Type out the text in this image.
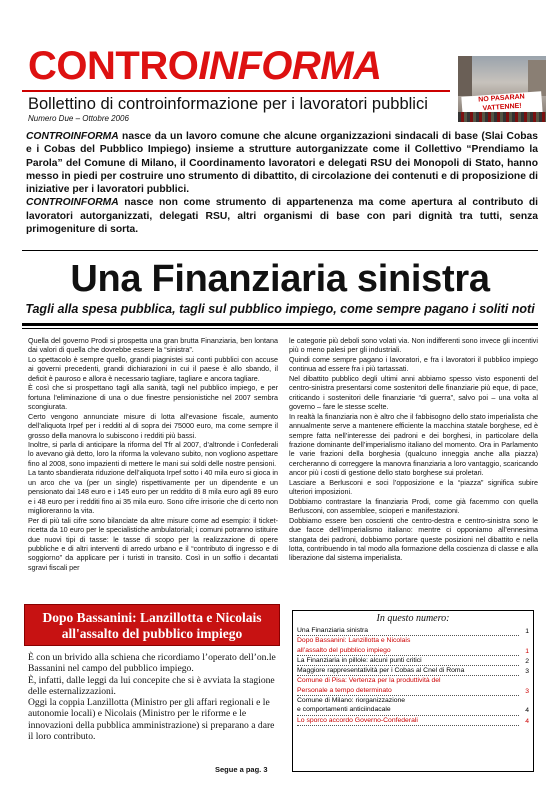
CONTROINFORMA
Bollettino di controinformazione per i lavoratori pubblici
Numero Due – Ottobre 2006
NO PASARAN VATTENNE!

CONTROINFORMA nasce da un lavoro comune che alcune organizzazioni sindacali di base (Slai Cobas e i Cobas del Pubblico Impiego) insieme a strutture autorganizzate come il Collettivo “Prendiamo la Parola” del Comune di Milano, il Coordinamento lavoratori e delegati RSU dei Monopoli di Stato, hanno messo in piedi per costruire uno strumento di dibattito, di circolazione dei contenuti e di proposizione di iniziative per i lavoratori pubblici.

CONTROINFORMA nasce non come strumento di appartenenza ma come apertura al contributo di lavoratori autorganizzati, delegati RSU, altri organismi di base con pari dignità tra tutti, senza primogeniture di sorta.

Una Finanziaria sinistra
Tagli alla spesa pubblica, tagli sul pubblico impiego, come sempre pagano i soliti noti

Quella del governo Prodi si prospetta una gran brutta Finanziaria, ben lontana dai valori di quella che dovrebbe essere la “sinistra”.

Lo spettacolo è sempre quello, grandi piagnistei sui conti pubblici con accuse ai governi precedenti, grandi dichiarazioni in cui il paese è allo sbando, il deficit è pauroso e allora è necessario tagliare, tagliare e ancora tagliare.

È così che si prospettano tagli alla sanità, tagli nel pubblico impiego, e per fortuna l’eliminazione di una o due finestre pensionistiche nel 2007 sembra scongiurata.

Certo vengono annunciate misure di lotta all’evasione fiscale, aumento dell’aliquota Irpef per i redditi al di sopra dei 75000 euro, ma come sempre il grosso della manovra lo subiscono i redditi più bassi.

Inoltre, si parla di anticipare la riforma del Tfr al 2007, d’altronde i Confederali lo avevano già detto, loro la riforma la volevano subito, non vogliono aspettare fino al 2008, sono impazienti di mettere le mani sui soldi delle nostre pensioni.

La tanto sbandierata riduzione dell’aliquota Irpef sotto i 40 mila euro si gioca in un arco che va (per un single) rispettivamente per un dipendente e un pensionato dai 148 euro e i 145 euro per un reddito di 8 mila euro agli 89 euro e i 48 euro per i redditi fino ai 35 mila euro. Sono cifre irrisorie che di certo non miglioreranno la vita.

Per di più tali cifre sono bilanciate da altre misure come ad esempio: il ticket-ricetta da 10 euro per le specialistiche ambulatoriali; i comuni potranno istituire due nuovi tipi di tasse: le tasse di scopo per la realizzazione di opere pubbliche e di altri interventi di arredo urbano e il “contributo di ingresso e di soggiorno” da applicare per i turisti in transito. Così in un soffio i decantati sgravi fiscali per

le categorie più deboli sono volati via. Non indifferenti sono invece gli incentivi più o meno palesi per gli industriali.

Quindi come sempre pagano i lavoratori, e fra i lavoratori il pubblico impiego continua ad essere fra i più tartassati.

Nel dibattito pubblico degli ultimi anni abbiamo spesso visto esponenti del centro-sinistra presentarsi come sostenitori delle finanziarie più eque, di pace, criticando i sostenitori delle finanziarie “di guerra”, salvo poi – una volta al governo – fare le stesse scelte.

In realtà la finanziaria non è altro che il fabbisogno dello stato imperialista che annualmente serve a mantenere efficiente la macchina statale borghese, ed è sempre fatta nell’interesse dei padroni e dei borghesi, in particolare della frazione dominante dell’imperialismo italiano del momento. Ora in Parlamento le varie frazioni della borghesia (qualcuno inneggia anche alla piazza) cercheranno di correggere la manovra finanziaria a loro vantaggio, scaricando ancor più i costi di gestione dello stato borghese sui proletari.

Lasciare a Berlusconi e soci l’opposizione e la “piazza” significa subire ulteriori imposizioni.

Dobbiamo contrastare la finanziaria Prodi, come già facemmo con quella Berlusconi, con assemblee, scioperi e manifestazioni.

Dobbiamo essere ben coscienti che centro-destra e centro-sinistra sono le due facce dell’imperialismo italiano: mentre ci opponiamo all’ennesima stangata dei padroni, dobbiamo portare queste posizioni nel dibattito e nella lotta, contribuendo in tal modo alla formazione della coscienza di classe e alla liberazione dal sistema imperialista.

Dopo Bassanini: Lanzillotta e Nicolais all'assalto del pubblico impiego

È con un brivido alla schiena che ricordiamo l’operato dell’on.le Bassanini nel campo del pubblico impiego.

È, infatti, dalle leggi da lui concepite che si è avviata la stagione delle esternalizzazioni.

Oggi la coppia Lanzillotta (Ministro per gli affari regionali e le autonomie locali) e Nicolais (Ministro per le riforme e le innovazioni della pubblica amministrazione) si preparano a dare il loro contributo.

Segue a pag. 3
In questo numero:
Una Finanziaria sinistra	1
Dopo Bassanini: Lanzillotta e Nicolais
all’assalto del pubblico impiego	1
La Finanziaria in pillole: alcuni punti critici	2
Maggiore rappresentatività per i Cobas al Cnel di Roma	3
Comune di Pisa: Vertenza per la produttività del
Personale a tempo determinato	3
Comune di Milano: riorganizzazione
e comportamenti anticiindacale	4
Lo sporco accordo Governo-Confederali	4
